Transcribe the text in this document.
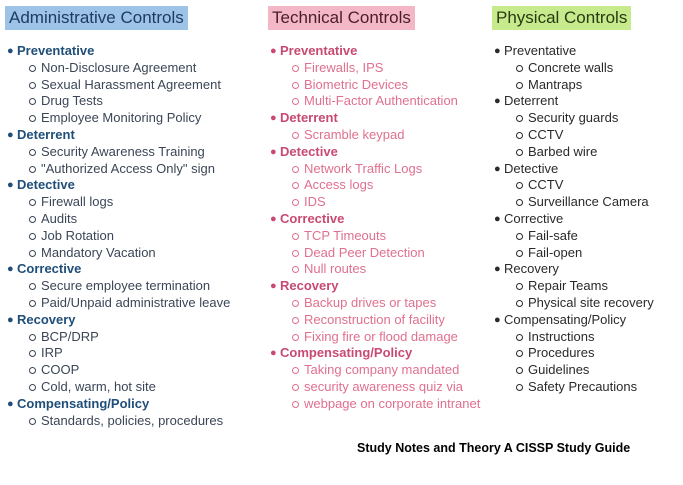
Administrative Controls
● Preventative
Non-Disclosure Agreement
Sexual Harassment Agreement
Drug Tests
Employee Monitoring Policy
● Deterrent
Security Awareness Training
"Authorized Access Only" sign
● Detective
Firewall logs
Audits
Job Rotation
Mandatory Vacation
● Corrective
Secure employee termination
Paid/Unpaid administrative leave
● Recovery
BCP/DRP
IRP
COOP
Cold, warm, hot site
● Compensating/Policy
Standards, policies, procedures
Technical Controls
● Preventative
Firewalls, IPS
Biometric Devices
Multi-Factor Authentication
● Deterrent
Scramble keypad
● Detective
Network Traffic Logs
Access logs
IDS
● Corrective
TCP Timeouts
Dead Peer Detection
Null routes
● Recovery
Backup drives or tapes
Reconstruction of facility
Fixing fire or flood damage
● Compensating/Policy
Taking company mandated
security awareness quiz via
webpage on corporate intranet
Physical Controls
● Preventative
Concrete walls
Mantraps
● Deterrent
Security guards
CCTV
Barbed wire
● Detective
CCTV
Surveillance Camera
● Corrective
Fail-safe
Fail-open
● Recovery
Repair Teams
Physical site recovery
● Compensating/Policy
Instructions
Procedures
Guidelines
Safety Precautions
Study Notes and Theory A CISSP Study Guide
